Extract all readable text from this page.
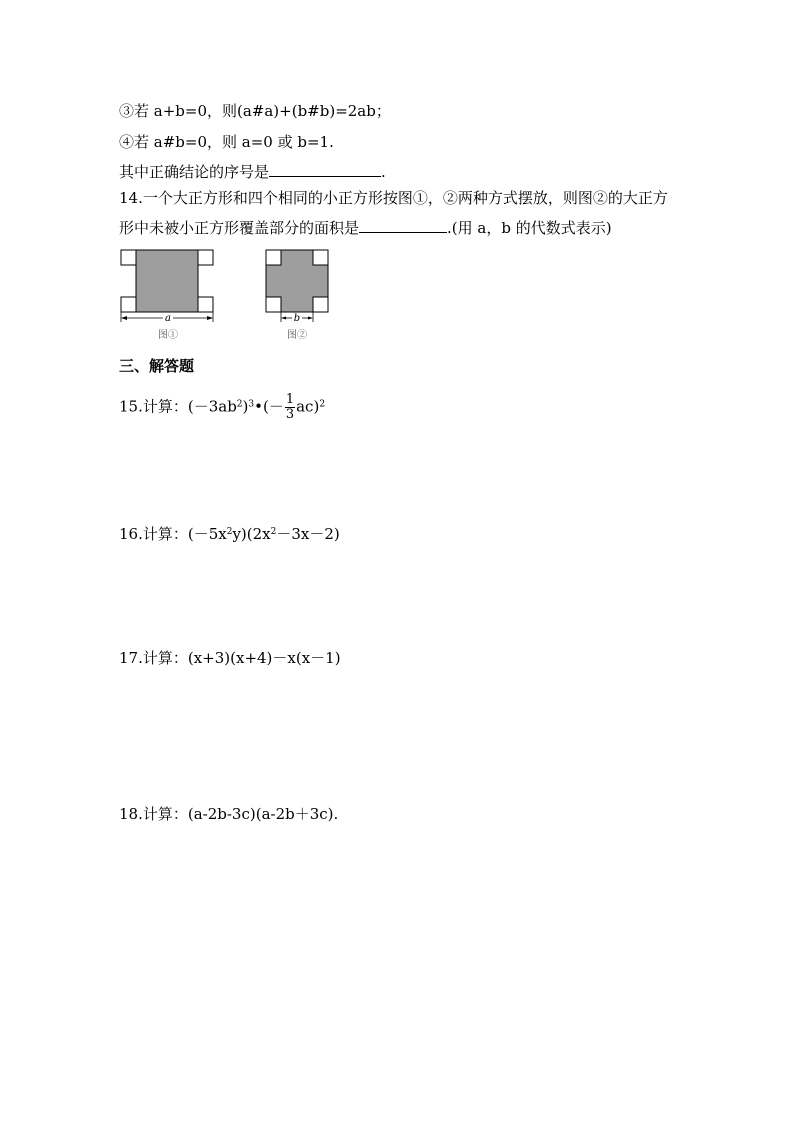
③若 a+b=0，则(a#a)+(b#b)=2ab；
④若 a#b=0，则 a=0 或 b=1.
其中正确结论的序号是	.
14.一个大正方形和四个相同的小正方形按图①，②两种方式摆放，则图②的大正方
形中未被小正方形覆盖部分的面积是	.(用 a，b 的代数式表示)
a
图①
b
图②
三、解答题
15.计算：$(-3ab^2)^3•(- \frac{1}{3} ac)^2$
16.计算：$(-5x^2y)(2x^2-3x-2)$
17.计算：(x+3)(x+4)－x(x－1)
18.计算：(a-2b-3c)(a-2b＋3c).
